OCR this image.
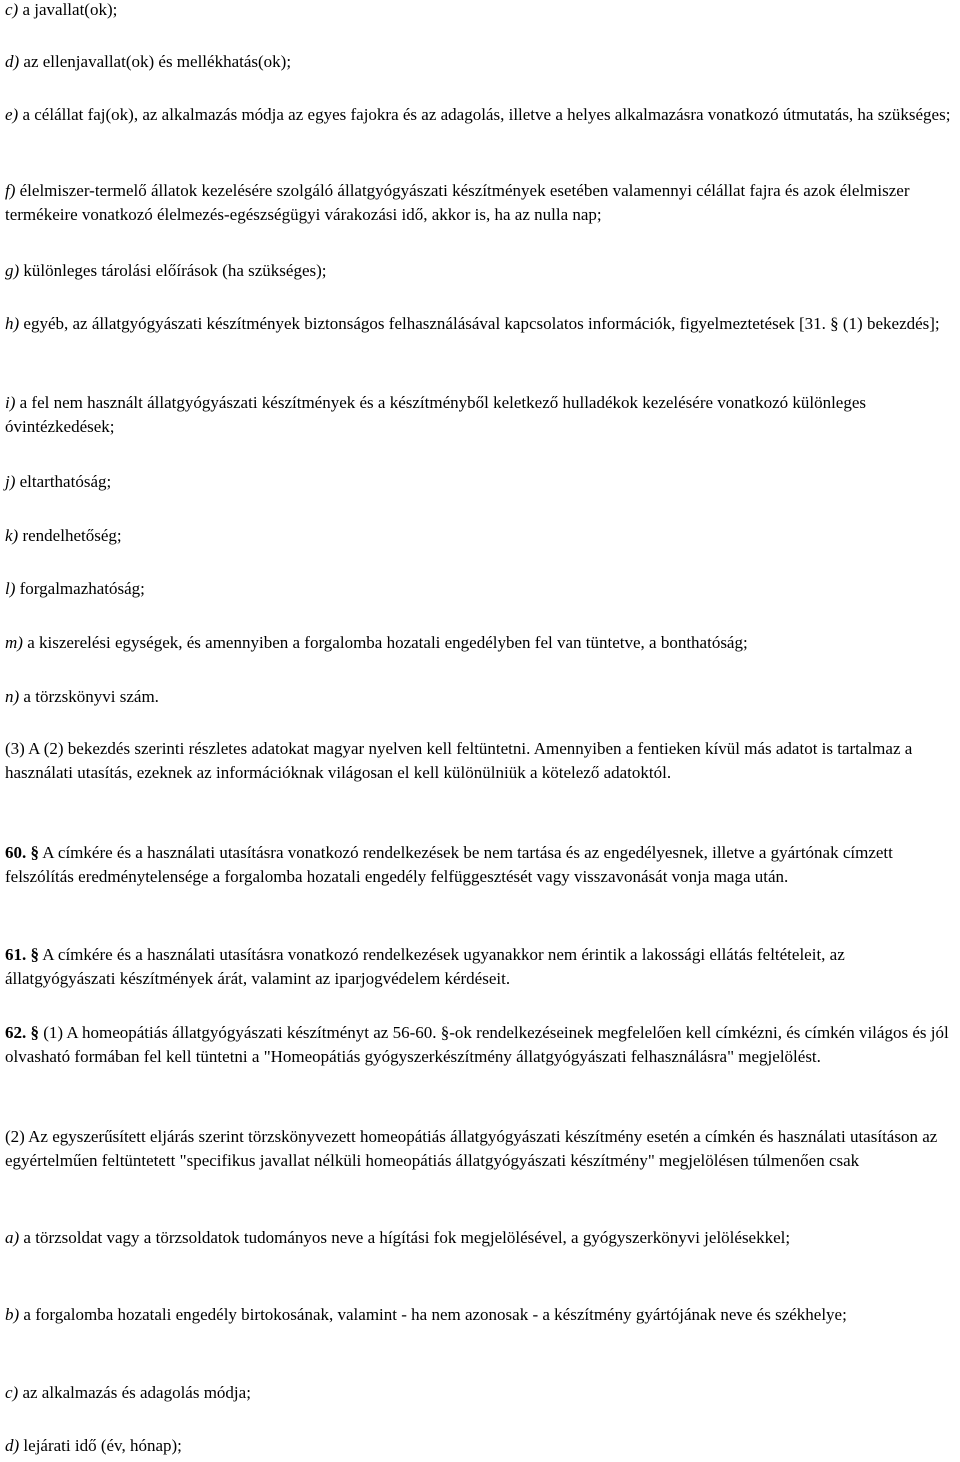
c) a javallat(ok);

d) az ellenjavallat(ok) és mellékhatás(ok);

e) a célállat faj(ok), az alkalmazás módja az egyes fajokra és az adagolás, illetve a helyes alkalmazásra vonatkozó útmutatás, ha szükséges;

f) élelmiszer-termelő állatok kezelésére szolgáló állatgyógyászati készítmények esetében valamennyi célállat fajra és azok élelmiszer termékeire vonatkozó élelmezés-egészségügyi várakozási idő, akkor is, ha az nulla nap;

g) különleges tárolási előírások (ha szükséges);

h) egyéb, az állatgyógyászati készítmények biztonságos felhasználásával kapcsolatos információk, figyelmeztetések [31. § (1) bekezdés];

i) a fel nem használt állatgyógyászati készítmények és a készítményből keletkező hulladékok kezelésére vonatkozó különleges óvintézkedések;

j) eltarthatóság;

k) rendelhetőség;

l) forgalmazhatóság;

m) a kiszerelési egységek, és amennyiben a forgalomba hozatali engedélyben fel van tüntetve, a bonthatóság;

n) a törzskönyvi szám.

(3) A (2) bekezdés szerinti részletes adatokat magyar nyelven kell feltüntetni. Amennyiben a fentieken kívül más adatot is tartalmaz a használati utasítás, ezeknek az információknak világosan el kell különülniük a kötelező adatoktól.

60. § A címkére és a használati utasításra vonatkozó rendelkezések be nem tartása és az engedélyesnek, illetve a gyártónak címzett felszólítás eredménytelensége a forgalomba hozatali engedély felfüggesztését vagy visszavonását vonja maga után.

61. § A címkére és a használati utasításra vonatkozó rendelkezések ugyanakkor nem érintik a lakossági ellátás feltételeit, az állatgyógyászati készítmények árát, valamint az iparjogvédelem kérdéseit.

62. § (1) A homeopátiás állatgyógyászati készítményt az 56-60. §-ok rendelkezéseinek megfelelően kell címkézni, és címkén világos és jól olvasható formában fel kell tüntetni a "Homeopátiás gyógyszerkészítmény állatgyógyászati felhasználásra" megjelölést.

(2) Az egyszerűsített eljárás szerint törzskönyvezett homeopátiás állatgyógyászati készítmény esetén a címkén és használati utasításon az egyértelműen feltüntetett "specifikus javallat nélküli homeopátiás állatgyógyászati készítmény" megjelölésen túlmenően csak

a) a törzsoldat vagy a törzsoldatok tudományos neve a hígítási fok megjelölésével, a gyógyszerkönyvi jelölésekkel;

b) a forgalomba hozatali engedély birtokosának, valamint - ha nem azonosak - a készítmény gyártójának neve és székhelye;

c) az alkalmazás és adagolás módja;

d) lejárati idő (év, hónap);
